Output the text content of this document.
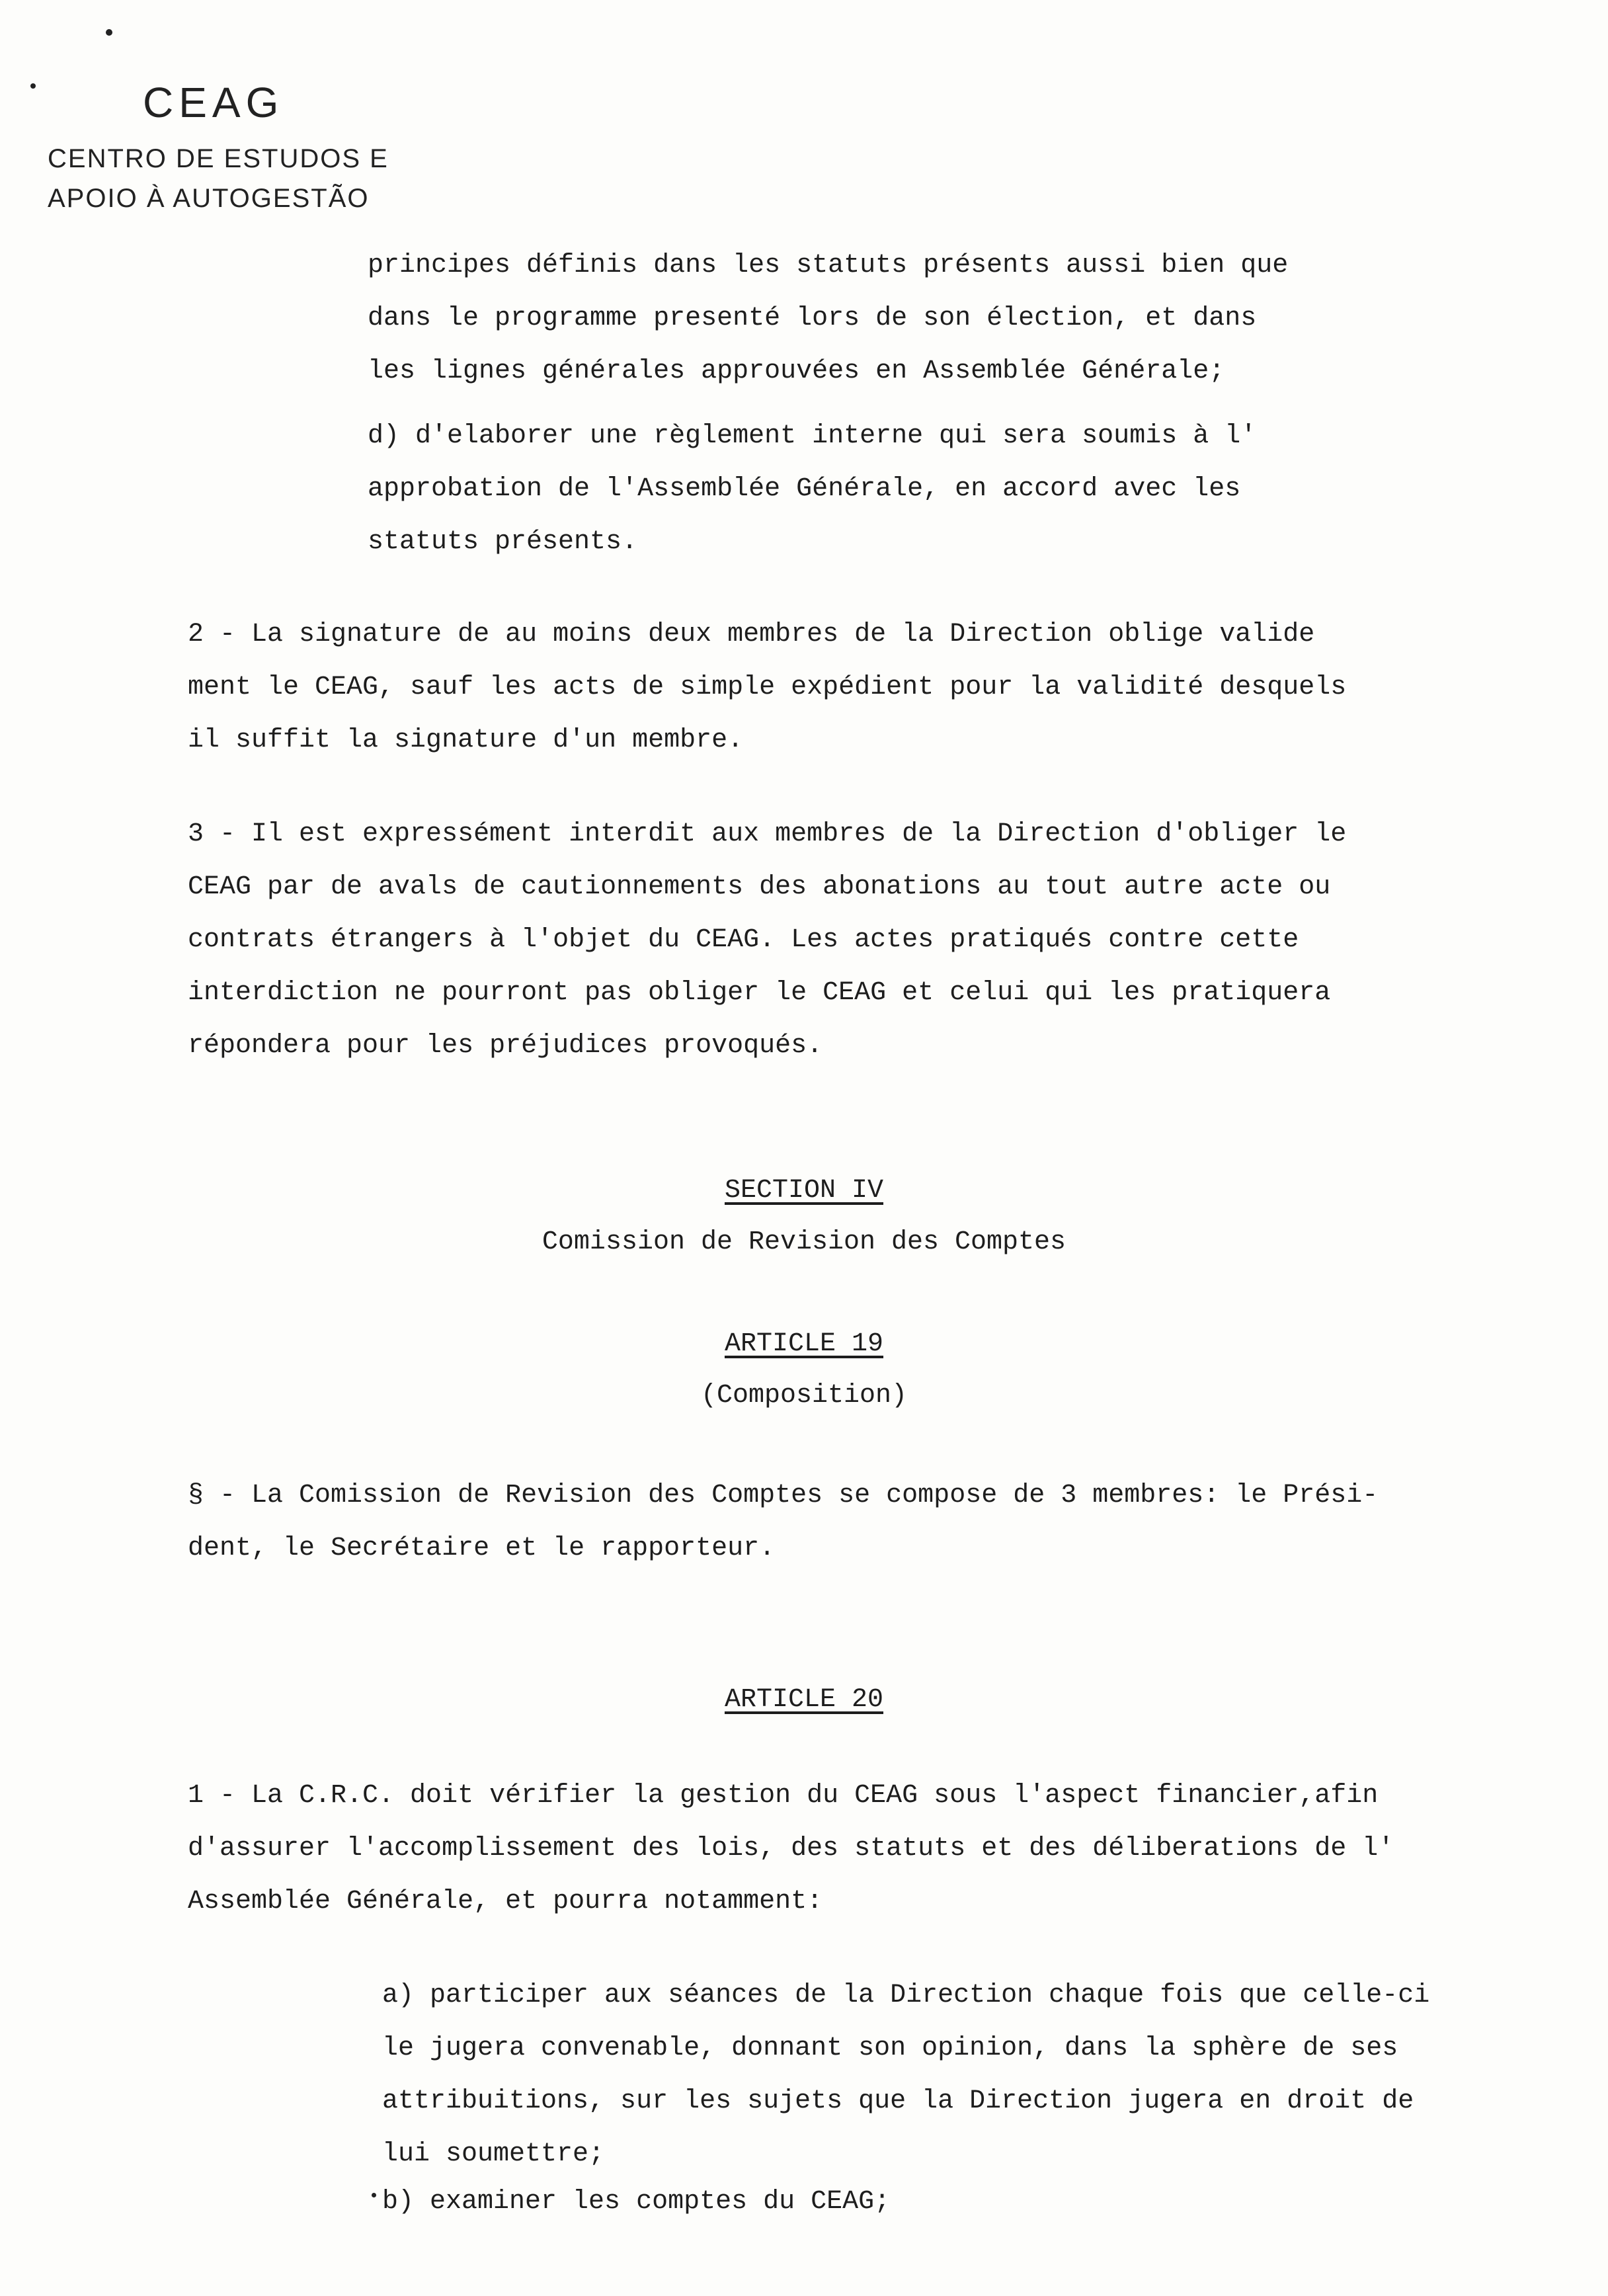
CEAG
CENTRO DE ESTUDOS E
APOIO À AUTOGESTÃO

principes définis dans les statuts présents aussi bien que
dans le programme presenté lors de son élection, et dans
les lignes générales approuvées en Assemblée Générale;

d) d'elaborer une règlement interne qui sera soumis à l'
approbation de l'Assemblée Générale, en accord avec les
statuts présents.

2 - La signature de au moins deux membres de la Direction oblige valide
ment le CEAG, sauf les acts de simple expédient pour la validité desquels
il suffit la signature d'un membre.

3 - Il est expressément interdit aux membres de la Direction d'obliger le
CEAG par de avals de cautionnements des abonations au tout autre acte ou
contrats étrangers à l'objet du CEAG. Les actes pratiqués contre cette
interdiction ne pourront pas obliger le CEAG et celui qui les pratiquera
répondera pour les préjudices provoqués.

SECTION IV
Comission de Revision des Comptes
ARTICLE 19
(Composition)

§ - La Comission de Revision des Comptes se compose de 3 membres: le Prési-
dent, le Secrétaire et le rapporteur.

ARTICLE 20

1 - La C.R.C. doit vérifier la gestion du CEAG sous l'aspect financier,afin
d'assurer l'accomplissement des lois, des statuts et des déliberations de l'
Assemblée Générale, et pourra notamment:

a) participer aux séances de la Direction chaque fois que celle-ci
le jugera convenable, donnant son opinion, dans la sphère de ses
attribuitions, sur les sujets que la Direction jugera en droit de
lui soumettre;

b) examiner les comptes du CEAG;
